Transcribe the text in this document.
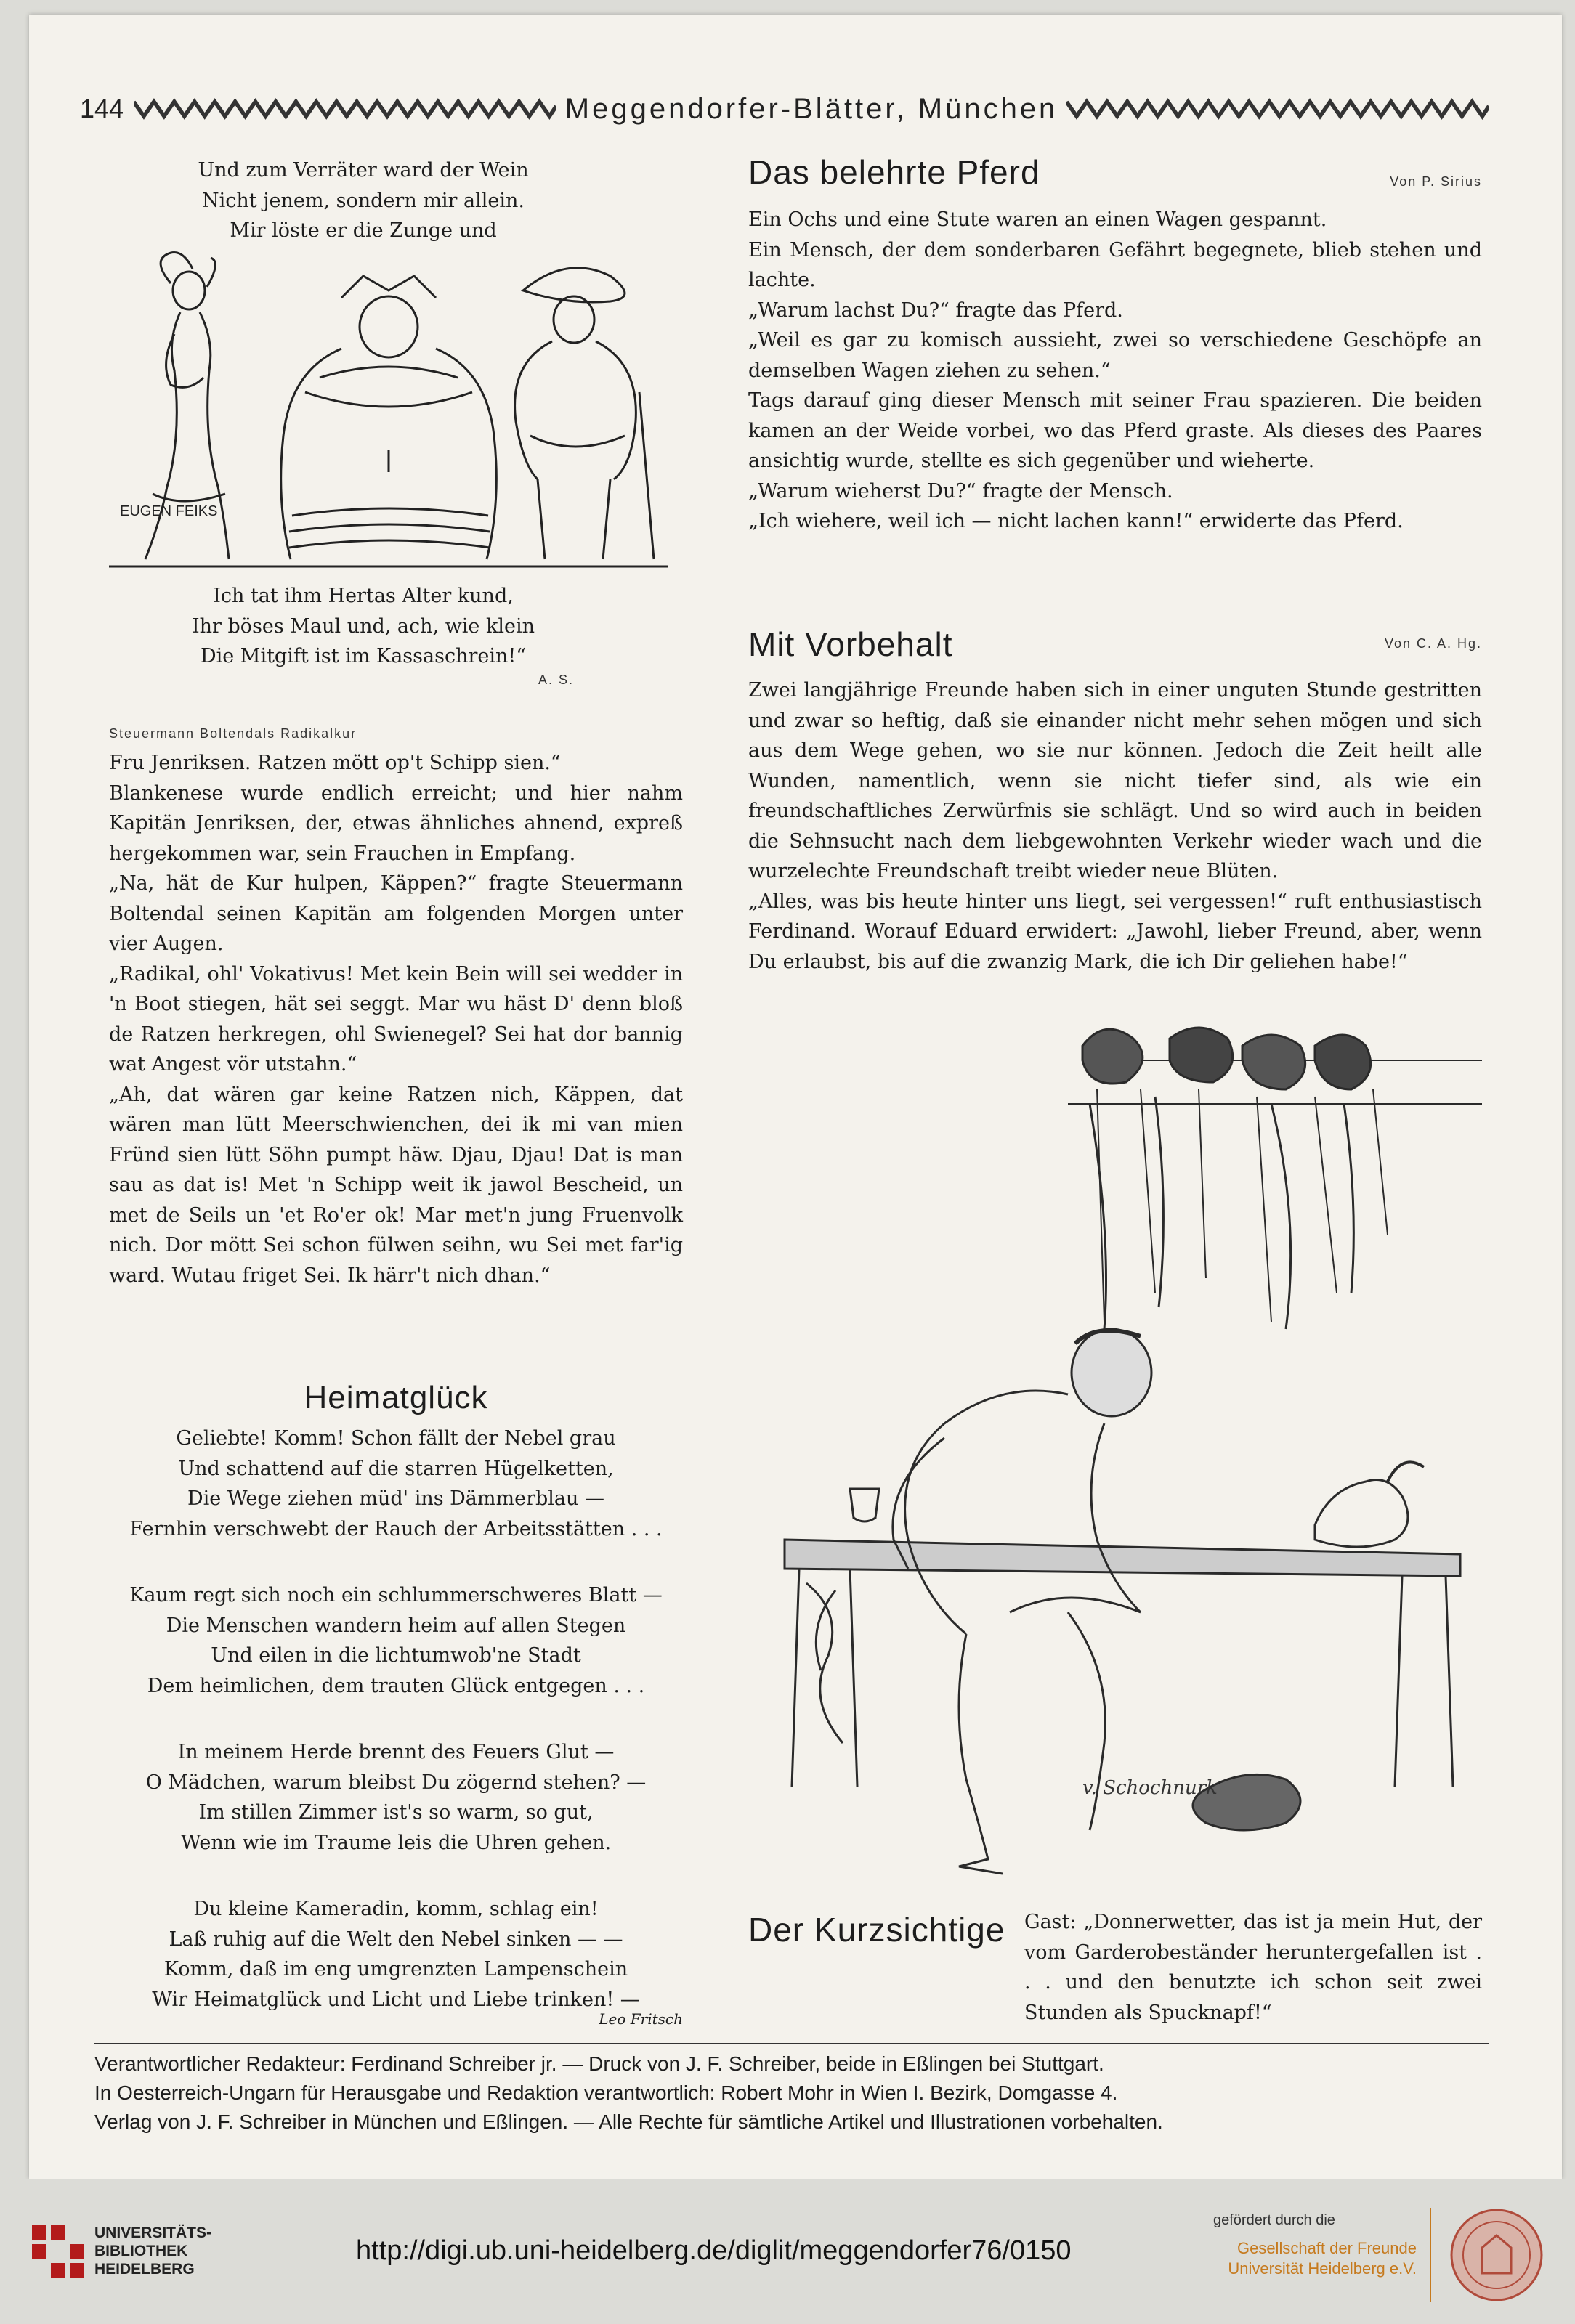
144	Meggendorfer-Blätter, München
Und zum Verräter ward der Wein
Nicht jenem, sondern mir allein.
Mir löste er die Zunge und
EUGEN FEIKS
Ich tat ihm Hertas Alter kund,
Ihr böses Maul und, ach, wie klein
Die Mitgift ist im Kassaschrein!“
A. S.
Steuermann Boltendals Radikalkur

Fru Jenriksen. Ratzen mött op't Schipp sien.“

Blankenese wurde endlich erreicht; und hier nahm Kapitän Jenriksen, der, etwas ähnliches ahnend, expreß hergekommen war, sein Frauchen in Empfang.

„Na, hät de Kur hulpen, Käppen?“ fragte Steuermann Boltendal seinen Kapitän am folgenden Morgen unter vier Augen.

„Radikal, ohl' Vokativus! Met kein Bein will sei wedder in 'n Boot stiegen, hät sei seggt. Mar wu häst D' denn bloß de Ratzen herkregen, ohl Swienegel? Sei hat dor bannig wat Angest vör utstahn.“

„Ah, dat wären gar keine Ratzen nich, Käppen, dat wären man lütt Meerschwienchen, dei ik mi van mien Fründ sien lütt Söhn pumpt häw. Djau, Djau! Dat is man sau as dat is! Met 'n Schipp weit ik jawol Bescheid, un met de Seils un 'et Ro'er ok! Mar met'n jung Fruenvolk nich. Dor mött Sei schon fülwen seihn, wu Sei met far'ig ward. Wutau friget Sei. Ik härr't nich dhan.“

Heimatglück
Geliebte! Komm! Schon fällt der Nebel grau
Und schattend auf die starren Hügelketten,
Die Wege ziehen müd' ins Dämmerblau —
Fernhin verschwebt der Rauch der Arbeitsstätten . . .
Kaum regt sich noch ein schlummerschweres Blatt —
Die Menschen wandern heim auf allen Stegen
Und eilen in die lichtumwob'ne Stadt
Dem heimlichen, dem trauten Glück entgegen . . .
In meinem Herde brennt des Feuers Glut —
O Mädchen, warum bleibst Du zögernd stehen? —
Im stillen Zimmer ist's so warm, so gut,
Wenn wie im Traume leis die Uhren gehen.
Du kleine Kameradin, komm, schlag ein!
Laß ruhig auf die Welt den Nebel sinken — —
Komm, daß im eng umgrenzten Lampenschein
Wir Heimatglück und Licht und Liebe trinken! —
Leo Fritsch
Das belehrte Pferd	Von P. Sirius

Ein Ochs und eine Stute waren an einen Wagen gespannt.

Ein Mensch, der dem sonderbaren Gefährt begegnete, blieb stehen und lachte.

„Warum lachst Du?“ fragte das Pferd.

„Weil es gar zu komisch aussieht, zwei so verschiedene Geschöpfe an demselben Wagen ziehen zu sehen.“

Tags darauf ging dieser Mensch mit seiner Frau spazieren. Die beiden kamen an der Weide vorbei, wo das Pferd graste. Als dieses des Paares ansichtig wurde, stellte es sich gegenüber und wieherte.

„Warum wieherst Du?“ fragte der Mensch.

„Ich wiehere, weil ich — nicht lachen kann!“ erwiderte das Pferd.

Mit Vorbehalt	Von C. A. Hg.

Zwei langjährige Freunde haben sich in einer unguten Stunde gestritten und zwar so heftig, daß sie einander nicht mehr sehen mögen und sich aus dem Wege gehen, wo sie nur können. Jedoch die Zeit heilt alle Wunden, namentlich, wenn sie nicht tiefer sind, als wie ein freundschaftliches Zerwürfnis sie schlägt. Und so wird auch in beiden die Sehnsucht nach dem liebgewohnten Verkehr wieder wach und die wurzelechte Freundschaft treibt wieder neue Blüten.

„Alles, was bis heute hinter uns liegt, sei vergessen!“ ruft enthusiastisch Ferdinand. Worauf Eduard erwidert: „Jawohl, lieber Freund, aber, wenn Du erlaubst, bis auf die zwanzig Mark, die ich Dir geliehen habe!“

v. Schochnurk
Der Kurzsichtige Gast: „Donnerwetter, das ist ja mein Hut, der vom Garderobeständer heruntergefallen ist . . . und den benutzte ich schon seit zwei Stunden als Spucknapf!“
Verantwortlicher Redakteur: Ferdinand Schreiber jr. — Druck von J. F. Schreiber, beide in Eßlingen bei Stuttgart.
In Oesterreich-Ungarn für Herausgabe und Redaktion verantwortlich: Robert Mohr in Wien I. Bezirk, Domgasse 4.
Verlag von J. F. Schreiber in München und Eßlingen. — Alle Rechte für sämtliche Artikel und Illustrationen vorbehalten.
UNIVERSITÄTS-
BIBLIOTHEK
HEIDELBERG
http://digi.ub.uni-heidelberg.de/diglit/meggendorfer76/0150
gefördert durch die
Gesellschaft der Freunde
Universität Heidelberg e.V.
